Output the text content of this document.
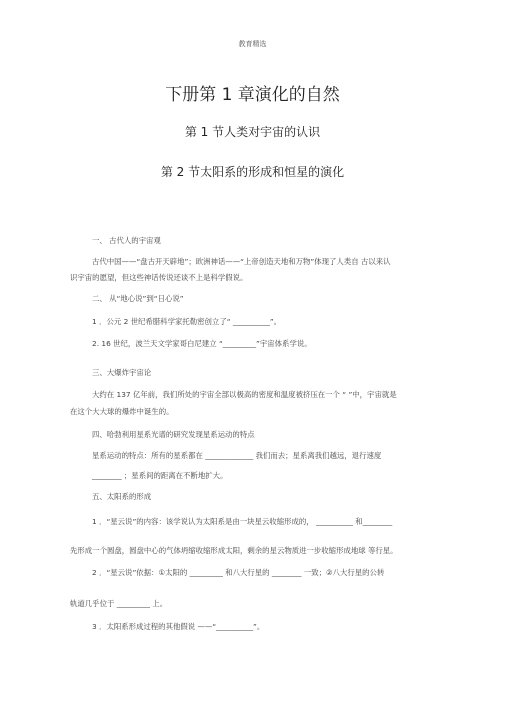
教育精选
下册第 1 章演化的自然
第 1 节人类对宇宙的认识
第 2 节太阳系的形成和恒星的演化
一、 古代人的宇宙观
古代中国——“盘古开天辟地”；欧洲神话——“上帝创造天地和万物”体现了人类自 古以来认
识宇宙的愿望，但这些神话传说还谈不上是科学假说。
二、 从“地心说”到“日心说”
1 ．公元 2 世纪希腊科学家托勒密创立了“ __________”。
2. 16 世纪，波兰天文学家哥白尼建立 “_________”宇宙体系学说。
三、大爆炸宇宙论
大约在 137 亿年前，我们所处的宇宙全部以极高的密度和温度被挤压在一个 “ ”中，宇宙就是
在这个大大球的爆炸中诞生的。
四、哈勃利用星系光谱的研究发现星系运动的特点
星系运动的特点：所有的星系都在 _____________ 我们而去；星系离我们越远，退行速度
________ ；星系间的距离在不断地扩大。
五、太阳系的形成
1 ．“星云说”的内容：该学说认为太阳系是由一块星云收缩形成的， __________ 和________
先形成一个圆盘，圆盘中心的气体坍缩收缩形成太阳，剩余的星云物质进一步收缩形成地球 等行星。
2 ．“星云说”依据：①太阳的 _________ 和八大行星的 ________ 一致；②八大行星的公转
轨道几乎位于 _________ 上。
3 ．太阳系形成过程的其他假说 ——“__________”。
